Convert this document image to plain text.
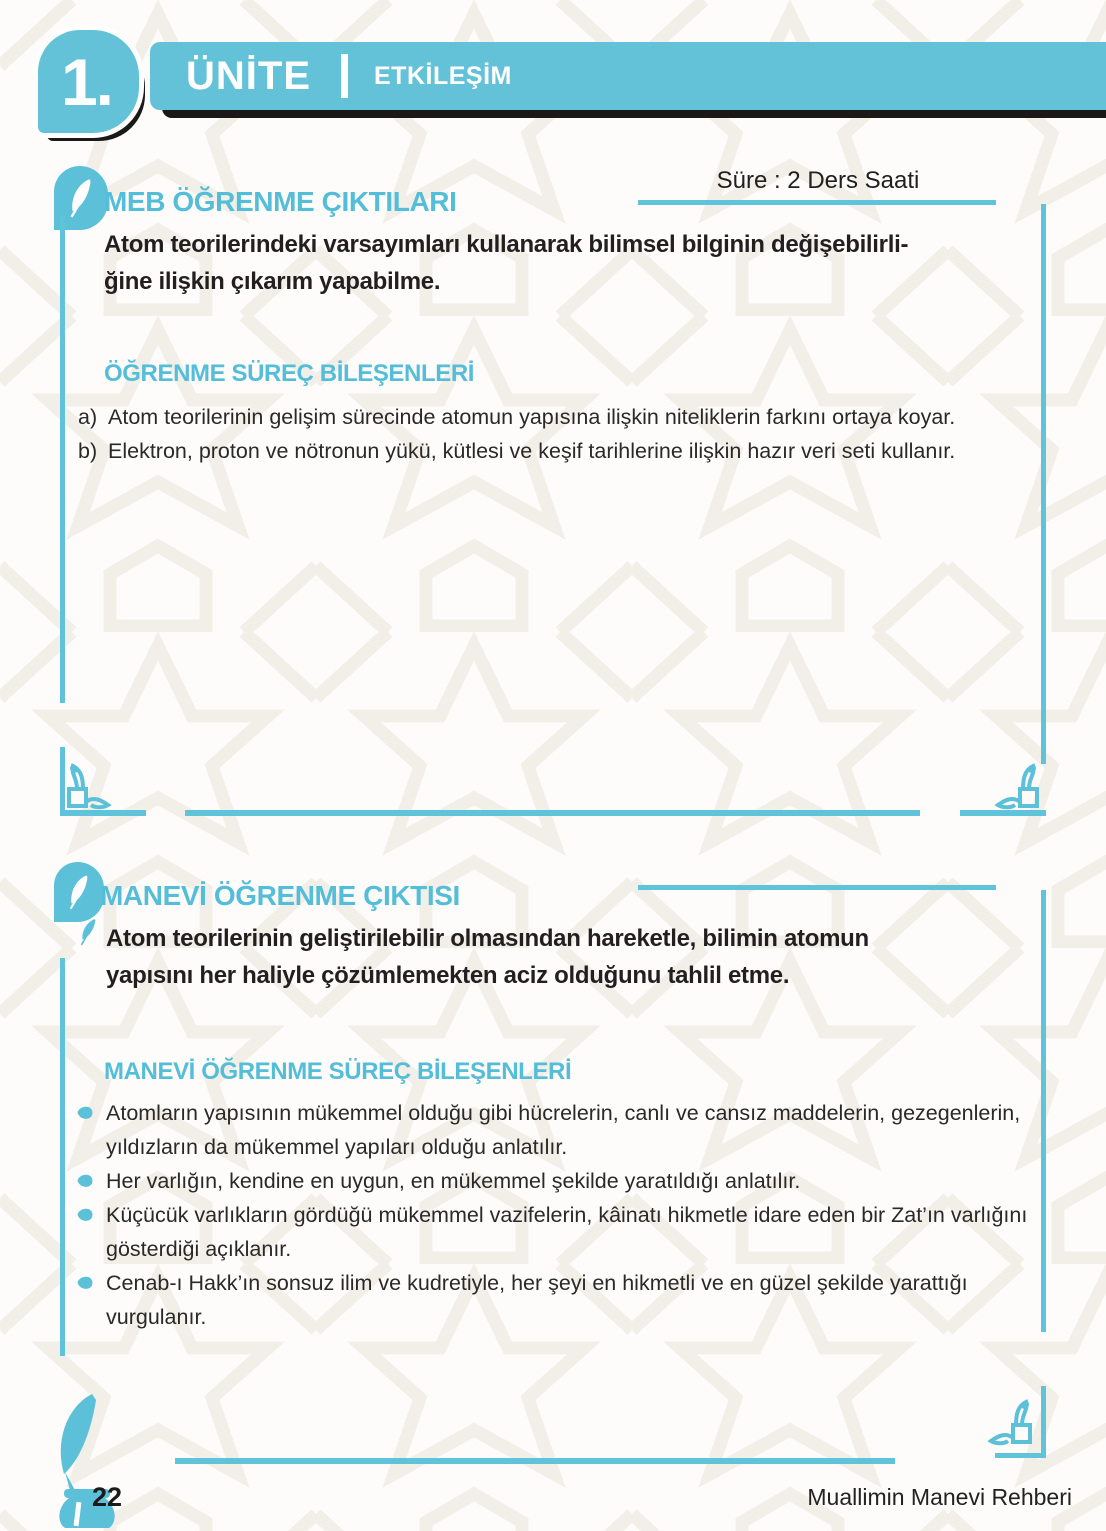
ÜNİTE	ETKİLEŞİM
1.
MEB ÖĞRENME ÇIKTILARI
Süre : 2 Ders Saati
Atom teorilerindeki varsayımları kullanarak bilimsel bilginin değişebilirli-
ğine ilişkin çıkarım yapabilme.
ÖĞRENME SÜREÇ BİLEŞENLERİ
a) Atom teorilerinin gelişim sürecinde atomun yapısına ilişkin niteliklerin farkını ortaya koyar.
b) Elektron, proton ve nötronun yükü, kütlesi ve keşif tarihlerine ilişkin hazır veri seti kullanır.
MANEVİ ÖĞRENME ÇIKTISI
Atom teorilerinin geliştirilebilir olmasından hareketle, bilimin atomun
yapısını her haliyle çözümlemekten aciz olduğunu tahlil etme.
MANEVİ ÖĞRENME SÜREÇ BİLEŞENLERİ
Atomların yapısının mükemmel olduğu gibi hücrelerin, canlı ve cansız maddelerin, gezegenlerin, yıldızların da mükemmel yapıları olduğu anlatılır.
Her varlığın, kendine en uygun, en mükemmel şekilde yaratıldığı anlatılır.
Küçücük varlıkların gördüğü mükemmel vazifelerin, kâinatı hikmetle idare eden bir Zat’ın varlığını gösterdiği açıklanır.
Cenab-ı Hakk’ın sonsuz ilim ve kudretiyle, her şeyi en hikmetli ve en güzel şekilde yarattığı vurgulanır.
22	Muallimin Manevi Rehberi
